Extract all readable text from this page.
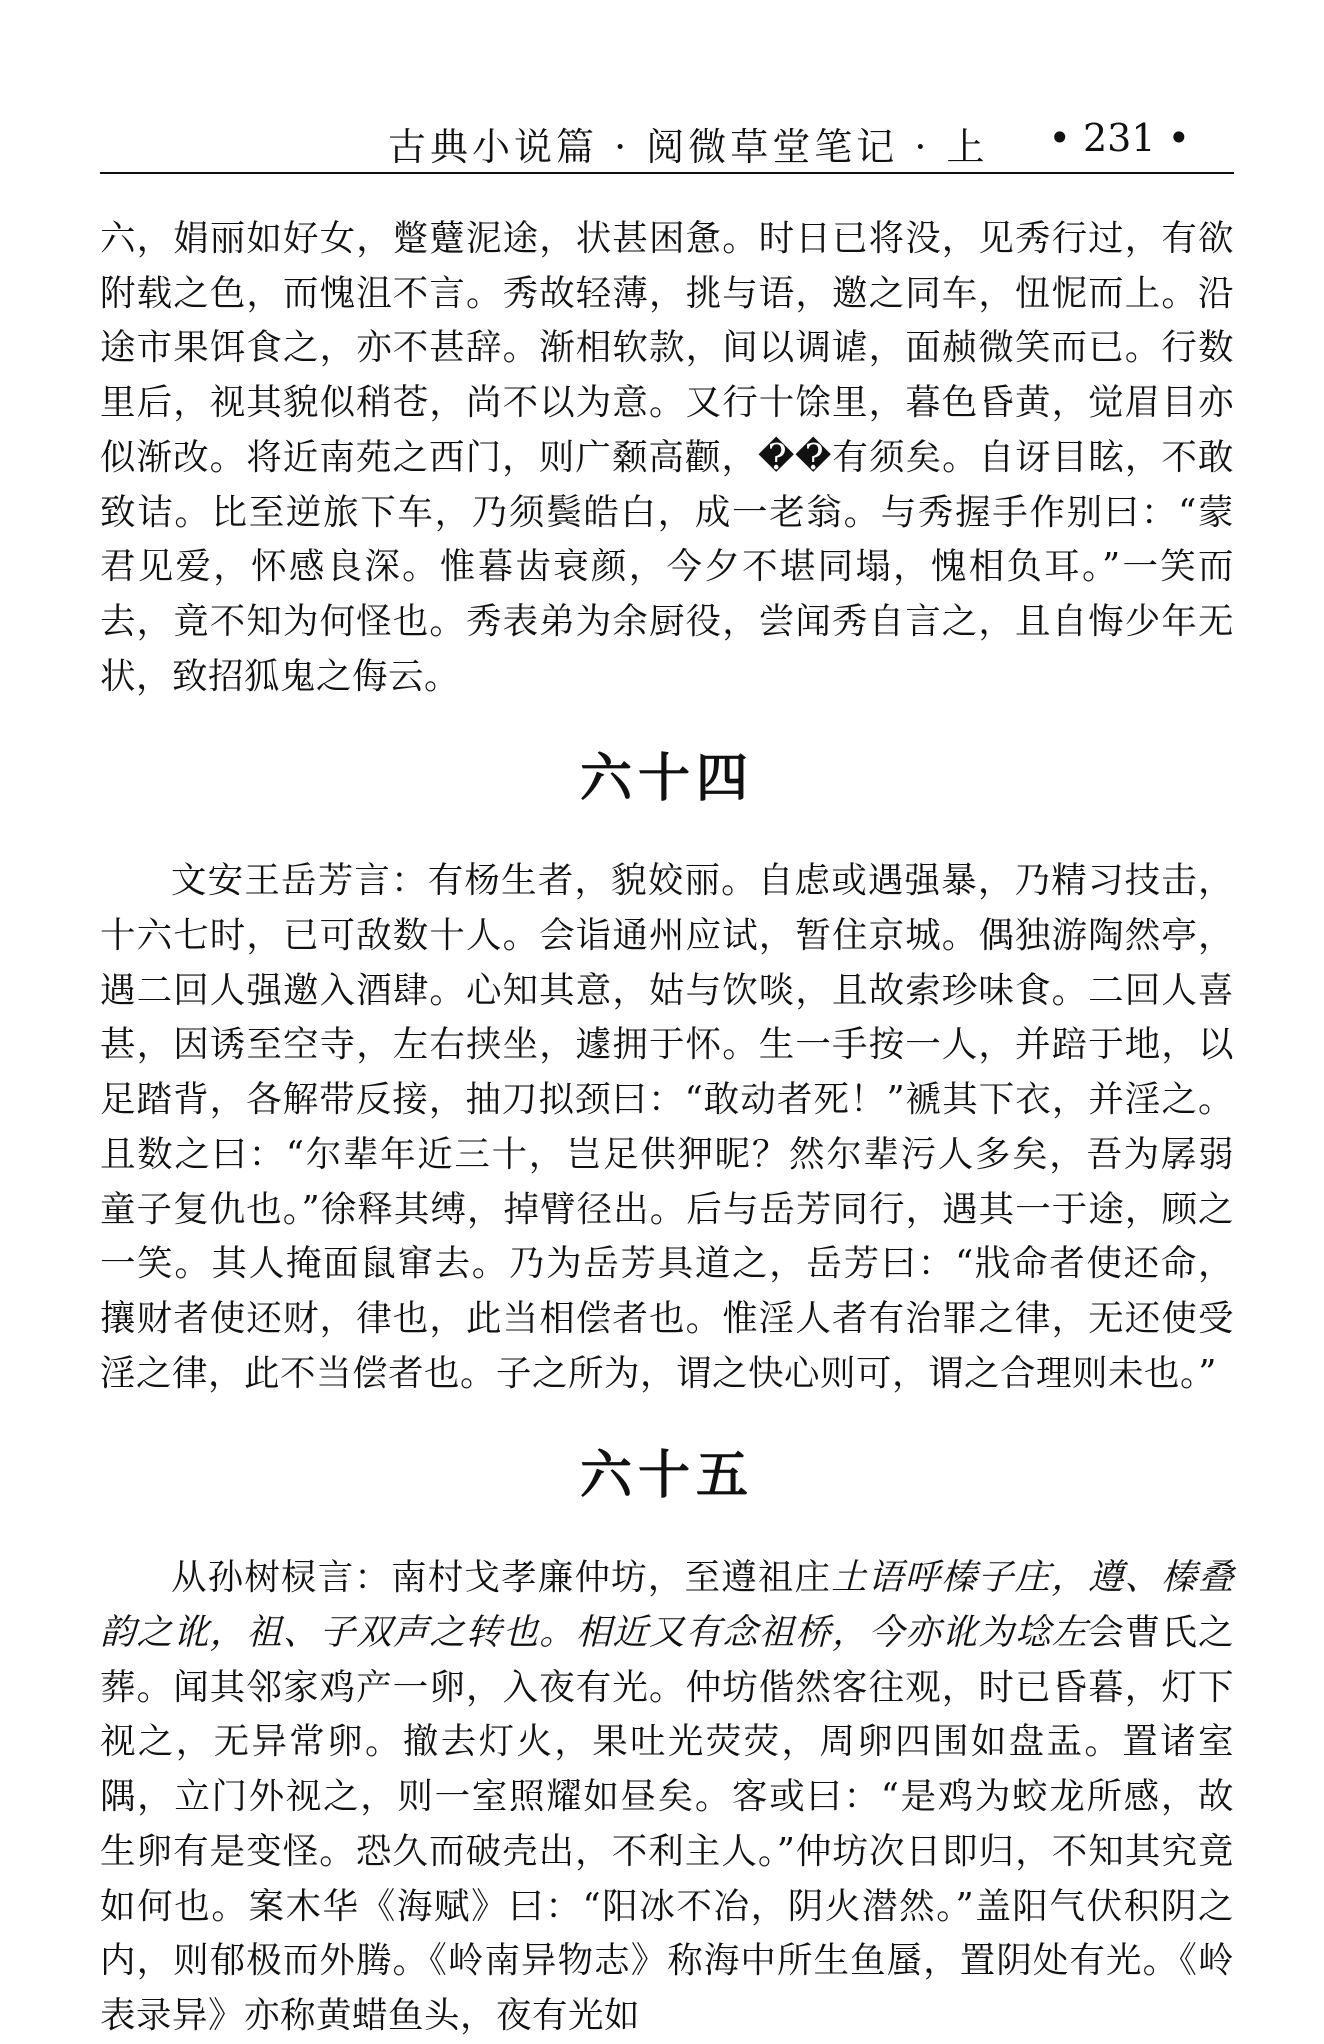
古典小说篇 · 阅微草堂笔记 · 上 • 231 •

六，娟丽如好女，蹩躠泥途，状甚困惫。时日已将没，见秀行过，有欲附载之色，而愧沮不言。秀故轻薄，挑与语，邀之同车，忸怩而上。沿途市果饵食之，亦不甚辞。渐相软款，间以调谑，面赪微笑而已。行数里后，视其貌似稍苍，尚不以为意。又行十馀里，暮色昏黄，觉眉目亦似渐改。将近南苑之西门，则广颡高颧，��有须矣。自讶目眩，不敢致诘。比至逆旅下车，乃须鬓皓白，成一老翁。与秀握手作别曰：“蒙君见爱，怀感良深。惟暮齿衰颜，今夕不堪同塌，愧相负耳。”一笑而去，竟不知为何怪也。秀表弟为余厨役，尝闻秀自言之，且自悔少年无状，致招狐鬼之侮云。

六十四

文安王岳芳言：有杨生者，貌姣丽。自虑或遇强暴，乃精习技击，十六七时，已可敌数十人。会诣通州应试，暂住京城。偶独游陶然亭，遇二回人强邀入酒肆。心知其意，姑与饮啖，且故索珍味食。二回人喜甚，因诱至空寺，左右挟坐，遽拥于怀。生一手按一人，并踣于地，以足踏背，各解带反接，抽刀拟颈曰：“敢动者死！”褫其下衣，并淫之。且数之曰：“尔辈年近三十，岂足供狎昵？然尔辈污人多矣，吾为孱弱童子复仇也。”徐释其缚，掉臂径出。后与岳芳同行，遇其一于途，顾之一笑。其人掩面鼠窜去。乃为岳芳具道之，岳芳曰：“戕命者使还命，攘财者使还财，律也，此当相偿者也。惟淫人者有治罪之律，无还使受淫之律，此不当偿者也。子之所为，谓之快心则可，谓之合理则未也。”

六十五

从孙树棂言：南村戈孝廉仲坊，至遵祖庄土语呼榛子庄，遵、榛叠韵之讹，祖、子双声之转也。相近又有念祖桥，今亦讹为埝左会曹氏之葬。闻其邻家鸡产一卵，入夜有光。仲坊偕然客往观，时已昏暮，灯下视之，无异常卵。撤去灯火，果吐光荧荧，周卵四围如盘盂。置诸室隅，立门外视之，则一室照耀如昼矣。客或曰：“是鸡为蛟龙所感，故生卵有是变怪。恐久而破壳出，不利主人。”仲坊次日即归，不知其究竟如何也。案木华《海赋》曰：“阳冰不冶，阴火潜然。”盖阳气伏积阴之内，则郁极而外腾。《岭南异物志》称海中所生鱼蜃，置阴处有光。《岭表录异》亦称黄蜡鱼头，夜有光如
